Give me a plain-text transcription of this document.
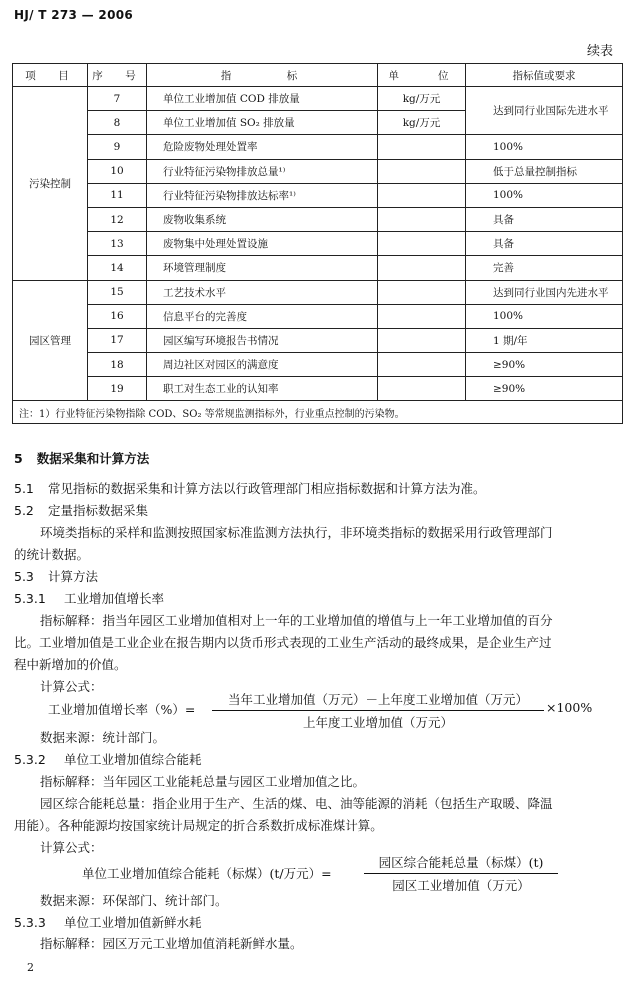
HJ/ T 273 — 2006
续表
项　目	序　号	指　　　标	单　　位	指标值或要求
污染控制	7	单位工业增加值 COD 排放量	kg/万元	达到同行业国际先进水平
	8	单位工业增加值 SO₂ 排放量	kg/万元	
	9	危险废物处理处置率		100%
	10	行业特征污染物排放总量¹⁾		低于总量控制指标
	11	行业特征污染物排放达标率¹⁾		100%
	12	废物收集系统		具备
	13	废物集中处理处置设施		具备
	14	环境管理制度		完善
园区管理	15	工艺技术水平		达到同行业国内先进水平
	16	信息平台的完善度		100%
	17	园区编写环境报告书情况		1 期/年
	18	周边社区对园区的满意度		≥90%
	19	职工对生态工业的认知率		≥90%
注：1）行业特征污染物指除 COD、SO₂ 等常规监测指标外，行业重点控制的污染物。				
5 数据采集和计算方法
5.1 常见指标的数据采集和计算方法以行政管理部门相应指标数据和计算方法为准。
5.2 定量指标数据采集
环境类指标的采样和监测按照国家标准监测方法执行，非环境类指标的数据采用行政管理部门
的统计数据。
5.3 计算方法
5.3.1 工业增加值增长率
指标解释：指当年园区工业增加值相对上一年的工业增加值的增值与上一年工业增加值的百分
比。工业增加值是工业企业在报告期内以货币形式表现的工业生产活动的最终成果，是企业生产过
程中新增加的价值。
计算公式：
工业增加值增长率（%）=
当年工业增加值（万元）－上年度工业增加值（万元）
上年度工业增加值（万元）
×100%
数据来源：统计部门。
5.3.2 单位工业增加值综合能耗
指标解释：当年园区工业能耗总量与园区工业增加值之比。
园区综合能耗总量：指企业用于生产、生活的煤、电、油等能源的消耗（包括生产取暖、降温
用能）。各种能源均按国家统计局规定的折合系数折成标准煤计算。
计算公式：
单位工业增加值综合能耗（标煤）(t/万元）=
园区综合能耗总量（标煤）(t)
园区工业增加值（万元）
数据来源：环保部门、统计部门。
5.3.3 单位工业增加值新鲜水耗
指标解释：园区万元工业增加值消耗新鲜水量。
2
